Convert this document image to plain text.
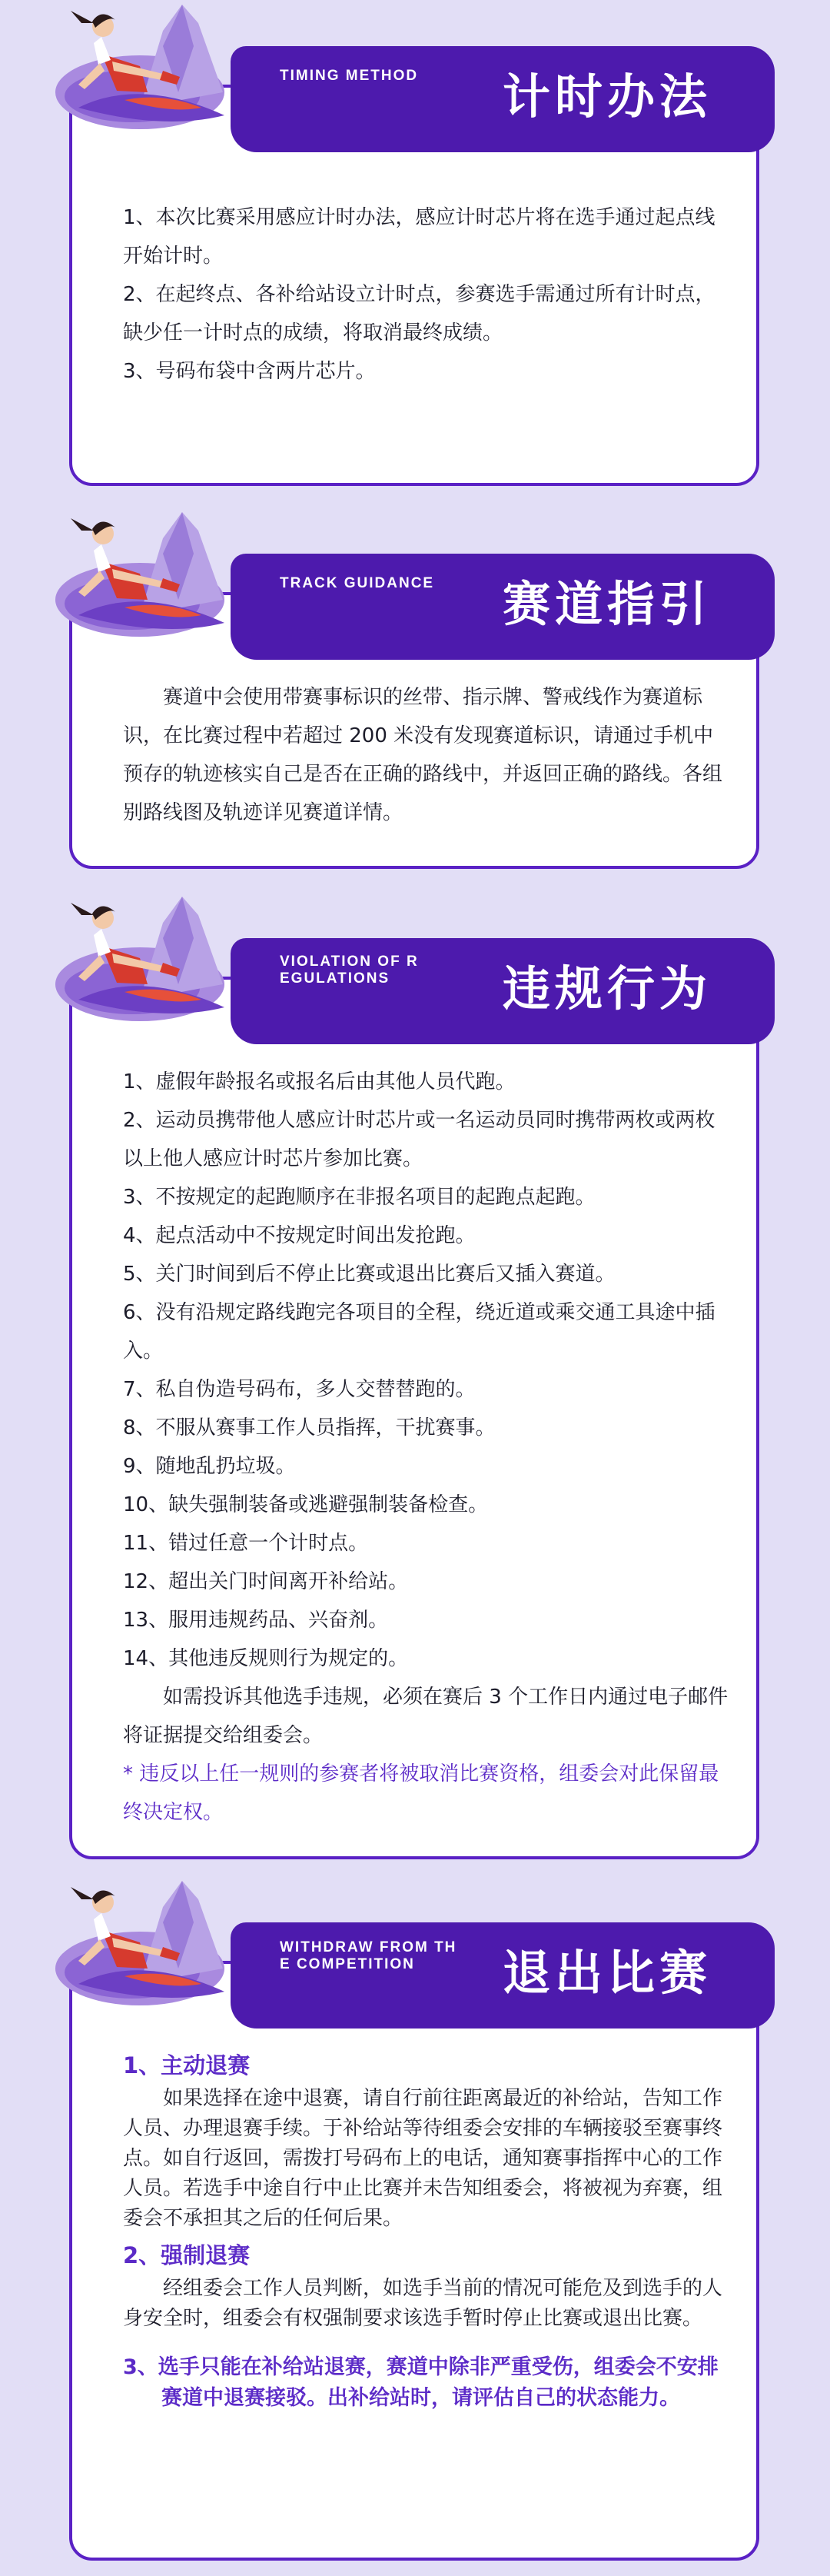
TIMING METHOD	计时办法
1、本次比赛采用感应计时办法，感应计时芯片将在选手通过起点线开始计时。
2、在起终点、各补给站设立计时点，参赛选手需通过所有计时点，缺少任一计时点的成绩，将取消最终成绩。
3、号码布袋中含两片芯片。
TRACK GUIDANCE	赛道指引
赛道中会使用带赛事标识的丝带、指示牌、警戒线作为赛道标识，在比赛过程中若超过 200 米没有发现赛道标识，请通过手机中预存的轨迹核实自己是否在正确的路线中，并返回正确的路线。各组别路线图及轨迹详见赛道详情。
VIOLATION OF R EGULATIONS	违规行为
1、虚假年龄报名或报名后由其他人员代跑。
2、运动员携带他人感应计时芯片或一名运动员同时携带两枚或两枚以上他人感应计时芯片参加比赛。
3、不按规定的起跑顺序在非报名项目的起跑点起跑。
4、起点活动中不按规定时间出发抢跑。
5、关门时间到后不停止比赛或退出比赛后又插入赛道。
6、没有沿规定路线跑完各项目的全程，绕近道或乘交通工具途中插入。
7、私自伪造号码布，多人交替替跑的。
8、不服从赛事工作人员指挥，干扰赛事。
9、随地乱扔垃圾。
10、缺失强制装备或逃避强制装备检查。
11、错过任意一个计时点。
12、超出关门时间离开补给站。
13、服用违规药品、兴奋剂。
14、其他违反规则行为规定的。
如需投诉其他选手违规，必须在赛后 3 个工作日内通过电子邮件将证据提交给组委会。
* 违反以上任一规则的参赛者将被取消比赛资格，组委会对此保留最终决定权。
WITHDRAW FROM THE COMPETITION	退出比赛
1、主动退赛
如果选择在途中退赛，请自行前往距离最近的补给站，告知工作人员、办理退赛手续。于补给站等待组委会安排的车辆接驳至赛事终点。如自行返回，需拨打号码布上的电话，通知赛事指挥中心的工作人员。若选手中途自行中止比赛并未告知组委会，将被视为弃赛，组委会不承担其之后的任何后果。
2、强制退赛
经组委会工作人员判断，如选手当前的情况可能危及到选手的人身安全时，组委会有权强制要求该选手暂时停止比赛或退出比赛。
3、选手只能在补给站退赛，赛道中除非严重受伤，组委会不安排赛道中退赛接驳。出补给站时，请评估自己的状态能力。
